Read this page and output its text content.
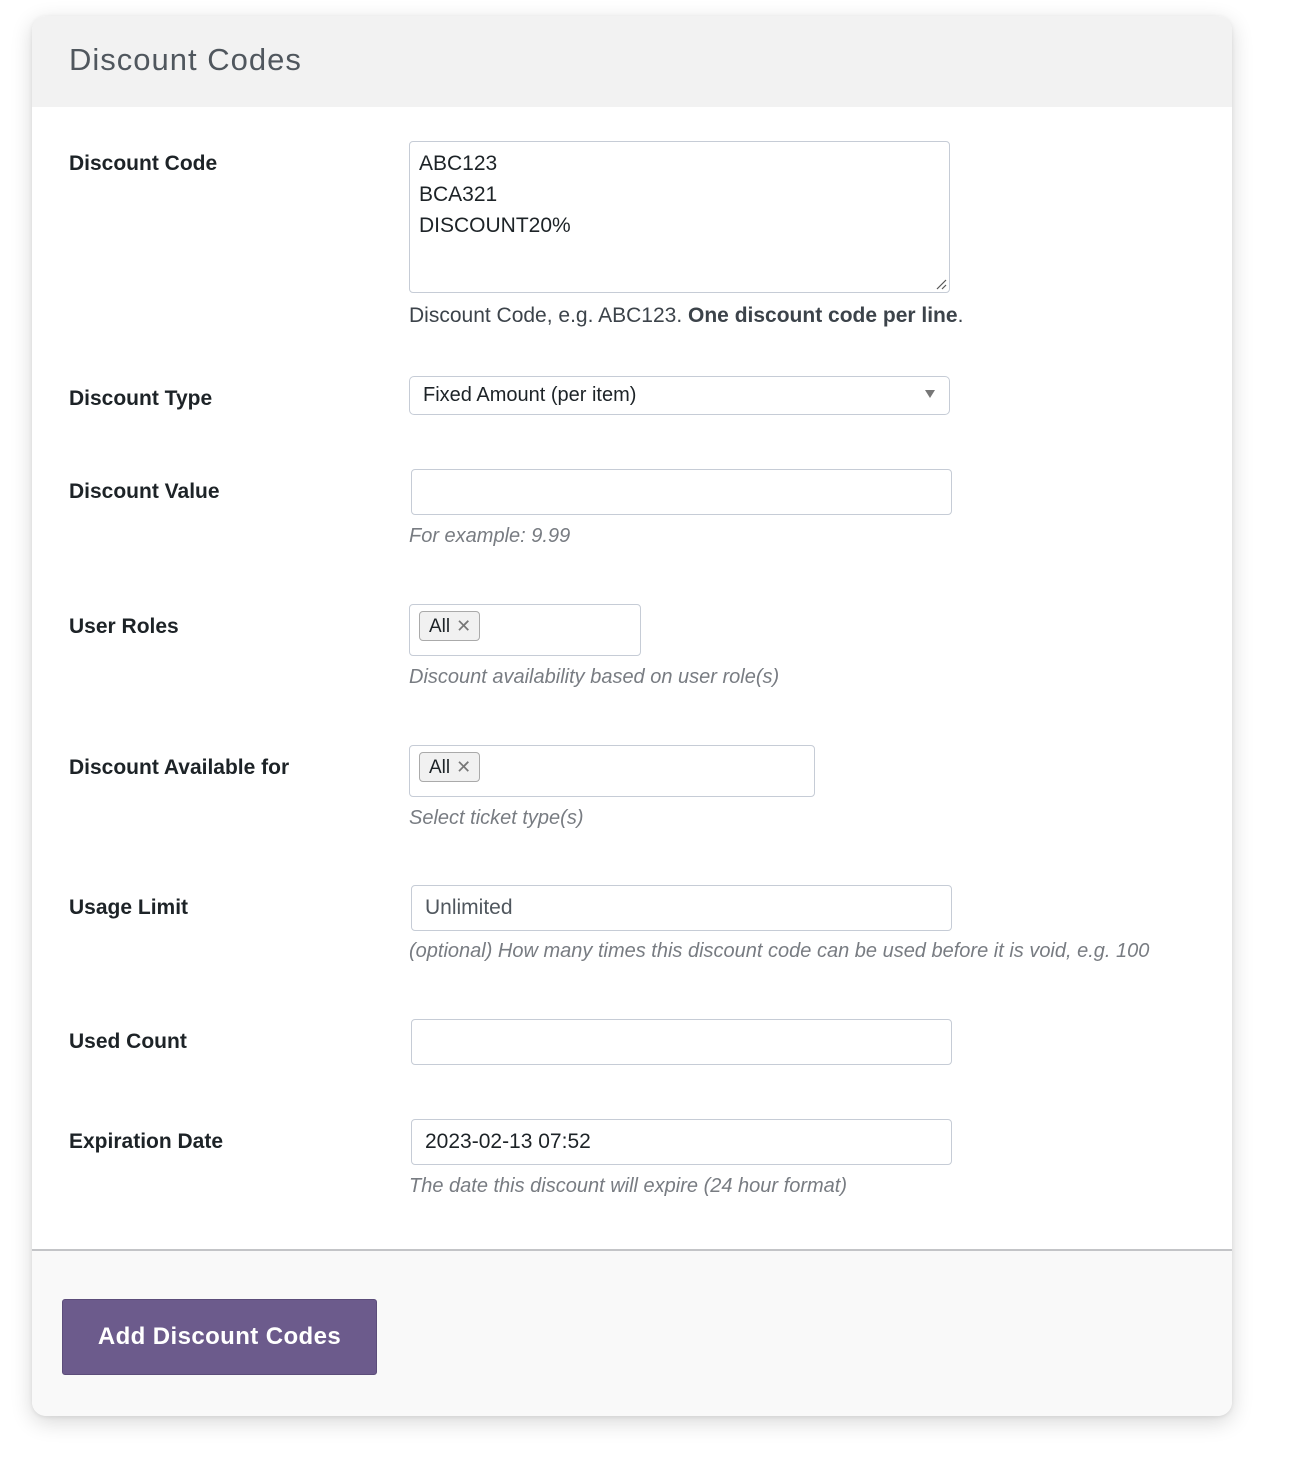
Discount Codes
Discount Code	ABC123
BCA321
DISCOUNT20%
Discount Code, e.g. ABC123. One discount code per line.
Discount Type	Fixed Amount (per item)
Discount Value
For example: 9.99
User Roles	All ✕
Discount availability based on user role(s)
Discount Available for	All ✕
Select ticket type(s)
Usage Limit	Unlimited
(optional) How many times this discount code can be used before it is void, e.g. 100
Used Count
Expiration Date	2023-02-13 07:52
The date this discount will expire (24 hour format)
Add Discount Codes
